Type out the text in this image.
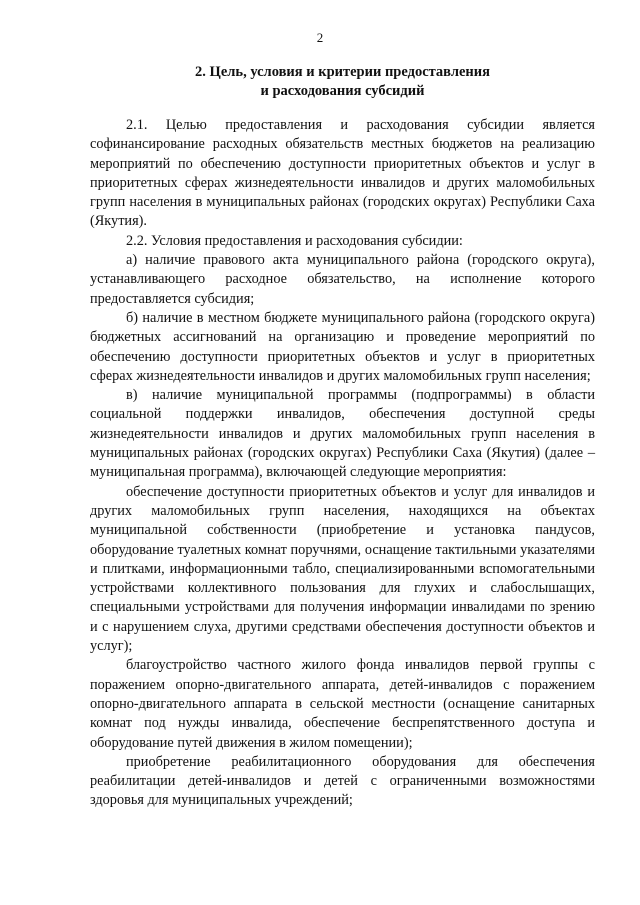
2
2. Цель, условия и критерии предоставления
и расходования субсидий

2.1. Целью предоставления и расходования субсидии является софинансирование расходных обязательств местных бюджетов на реализацию мероприятий по обеспечению доступности приоритетных объектов и услуг в приоритетных сферах жизнедеятельности инвалидов и других маломобильных групп населения в муниципальных районах (городских округах) Республики Саха (Якутия).

2.2. Условия предоставления и расходования субсидии:

а) наличие правового акта муниципального района (городского округа), устанавливающего расходное обязательство, на исполнение которого предоставляется субсидия;

б) наличие в местном бюджете муниципального района (городского округа) бюджетных ассигнований на организацию и проведение мероприятий по обеспечению доступности приоритетных объектов и услуг в приоритетных сферах жизнедеятельности инвалидов и других маломобильных групп населения;

в) наличие муниципальной программы (подпрограммы) в области социальной поддержки инвалидов, обеспечения доступной среды жизнедеятельности инвалидов и других маломобильных групп населения в муниципальных районах (городских округах) Республики Саха (Якутия) (далее – муниципальная программа), включающей следующие мероприятия:

обеспечение доступности приоритетных объектов и услуг для инвалидов и других маломобильных групп населения, находящихся на объектах муниципальной собственности (приобретение и установка пандусов, оборудование туалетных комнат поручнями, оснащение тактильными указателями и плитками, информационными табло, специализированными вспомогательными устройствами коллективного пользования для глухих и слабослышащих, специальными устройствами для получения информации инвалидами по зрению и с нарушением слуха, другими средствами обеспечения доступности объектов и услуг);

благоустройство частного жилого фонда инвалидов первой группы с поражением опорно-двигательного аппарата, детей-инвалидов с поражением опорно-двигательного аппарата в сельской местности (оснащение санитарных комнат под нужды инвалида, обеспечение беспрепятственного доступа и оборудование путей движения в жилом помещении);

приобретение реабилитационного оборудования для обеспечения реабилитации детей-инвалидов и детей с ограниченными возможностями здоровья для муниципальных учреждений;
